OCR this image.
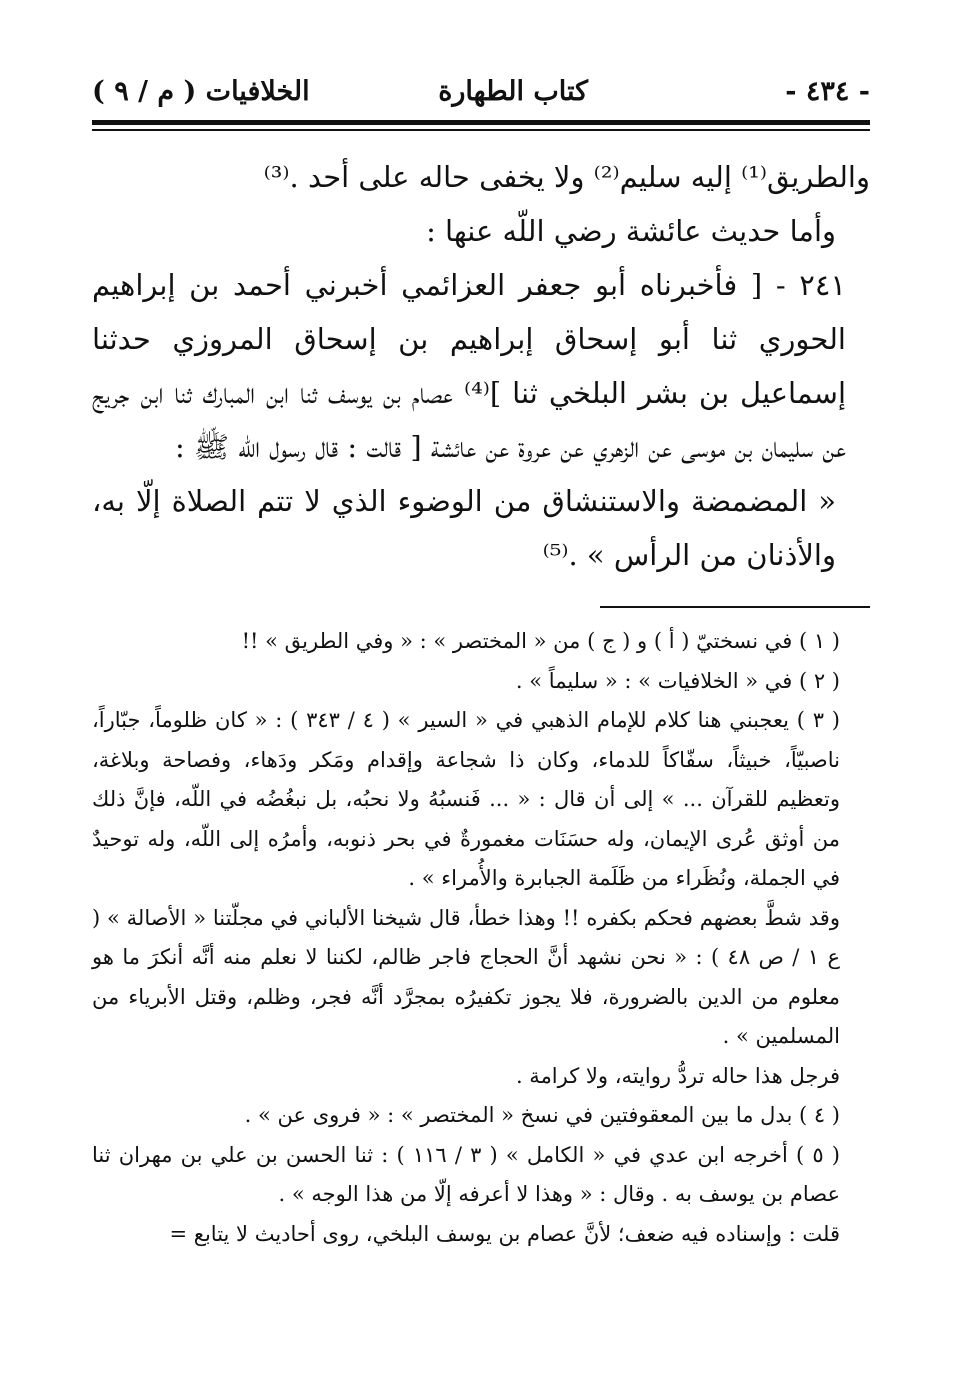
- ٤٣٤ -
كتاب الطهارة
الخلافيات ( م / ٩ )

والطريق⁽¹⁾ إليه سليم⁽²⁾ ولا يخفى حاله على أحد .⁽³⁾

وأما حديث عائشة رضي اللّه عنها :

٢٤١ - [ فأخبرناه أبو جعفر العزائمي أخبرني أحمد بن إبراهيم الحوري ثنا أبو إسحاق إبراهيم بن إسحاق المروزي حدثنا إسماعيل بن بشر البلخي ثنا ]⁽⁴⁾ عصام بن يوسف ثنا ابن المبارك ثنا ابن جريج عن سليمان بن موسى عن الزهري عن عروة عن عائشة [ قالت : قال رسول اللّه ﷺ :

« المضمضة والاستنشاق من الوضوء الذي لا تتم الصلاة إلّا به، والأذنان من الرأس » .⁽⁵⁾

( ١ ) في نسختيّ ( أ ) و ( ج ) من « المختصر » : « وفي الطريق » !!

( ٢ ) في « الخلافيات » : « سليماً » .

( ٣ ) يعجبني هنا كلام للإمام الذهبي في « السير » ( ٤ / ٣٤٣ ) : « كان ظلوماً، جبّاراً، ناصبيّاً، خبيثاً، سفّاكاً للدماء، وكان ذا شجاعة وإقدام ومَكر ودَهاء، وفصاحة وبلاغة، وتعظيم للقرآن ... » إلى أن قال : « ... فَنسبُهُ ولا نحبُه، بل نبغُضُه في اللّه، فإنَّ ذلك من أوثق عُرى الإيمان، وله حسَنَات مغمورةٌ في بحر ذنوبه، وأمرُه إلى اللّه، وله توحيدٌ في الجملة، ونُظَراء من ظَلَمة الجبابرة والأُمراء » .

وقد شطَّ بعضهم فحكم بكفره !! وهذا خطأ، قال شيخنا الألباني في مجلّتنا « الأصالة » ( ع ١ / ص ٤٨ ) : « نحن نشهد أنَّ الحجاج فاجر ظالم، لكننا لا نعلم منه أنَّه أنكرَ ما هو معلوم من الدين بالضرورة، فلا يجوز تكفيرُه بمجرَّد أنَّه فجر، وظلم، وقتل الأبرياء من المسلمين » .

فرجل هذا حاله تردُّ روايته، ولا كرامة .

( ٤ ) بدل ما بين المعقوفتين في نسخ « المختصر » : « فروى عن » .

( ٥ ) أخرجه ابن عدي في « الكامل » ( ٣ / ١١٦ ) : ثنا الحسن بن علي بن مهران ثنا عصام بن يوسف به . وقال : « وهذا لا أعرفه إلّا من هذا الوجه » .

قلت : وإسناده فيه ضعف؛ لأنَّ عصام بن يوسف البلخي، روى أحاديث لا يتابع =
